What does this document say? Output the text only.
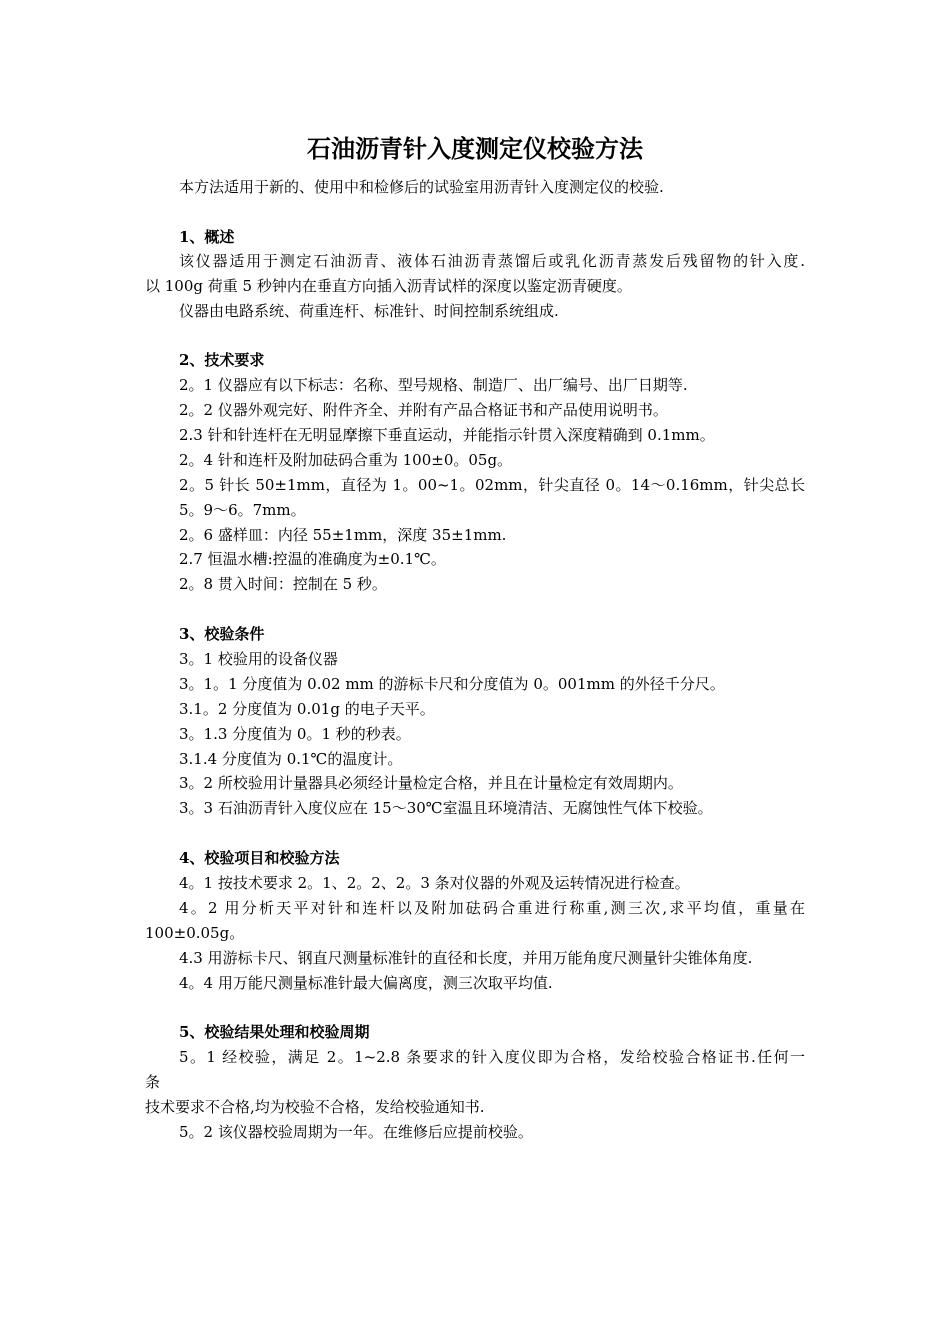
石油沥青针入度测定仪校验方法
本方法适用于新的、使用中和检修后的试验室用沥青针入度测定仪的校验.
1、概述
该仪器适用于测定石油沥青、液体石油沥青蒸馏后或乳化沥青蒸发后残留物的针入度.
以 100g 荷重 5 秒钟内在垂直方向插入沥青试样的深度以鉴定沥青硬度。
仪器由电路系统、荷重连杆、标准针、时间控制系统组成.
2、技术要求
2。1 仪器应有以下标志：名称、型号规格、制造厂、出厂编号、出厂日期等.
2。2 仪器外观完好、附件齐全、并附有产品合格证书和产品使用说明书。
2.3 针和针连杆在无明显摩擦下垂直运动，并能指示针贯入深度精确到 0.1mm。
2。4 针和连杆及附加砝码合重为 100±0。05g。
2。5 针长 50±1mm，直径为 1。00~1。02mm，针尖直径 0。14～0.16mm，针尖总长
5。9～6。7mm。
2。6 盛样皿：内径 55±1mm，深度 35±1mm.
2.7 恒温水槽:控温的准确度为±0.1℃。
2。8 贯入时间：控制在 5 秒。
3、校验条件
3。1 校验用的设备仪器
3。1。1 分度值为 0.02 mm 的游标卡尺和分度值为 0。001mm 的外径千分尺。
3.1。2 分度值为 0.01g 的电子天平。
3。1.3 分度值为 0。1 秒的秒表。
3.1.4 分度值为 0.1℃的温度计。
3。2 所校验用计量器具必须经计量检定合格，并且在计量检定有效周期内。
3。3 石油沥青针入度仪应在 15～30℃室温且环境清洁、无腐蚀性气体下校验。
4、校验项目和校验方法
4。1 按技术要求 2。1、2。2、2。3 条对仪器的外观及运转情况进行检查。
4。2 用分析天平对针和连杆以及附加砝码合重进行称重,测三次,求平均值，重量在
100±0.05g。
4.3 用游标卡尺、钢直尺测量标准针的直径和长度，并用万能角度尺测量针尖锥体角度.
4。4 用万能尺测量标准针最大偏离度，测三次取平均值.
5、校验结果处理和校验周期
5。1 经校验，满足 2。1~2.8 条要求的针入度仪即为合格，发给校验合格证书.任何一
条
技术要求不合格,均为校验不合格，发给校验通知书.
5。2 该仪器校验周期为一年。在维修后应提前校验。
